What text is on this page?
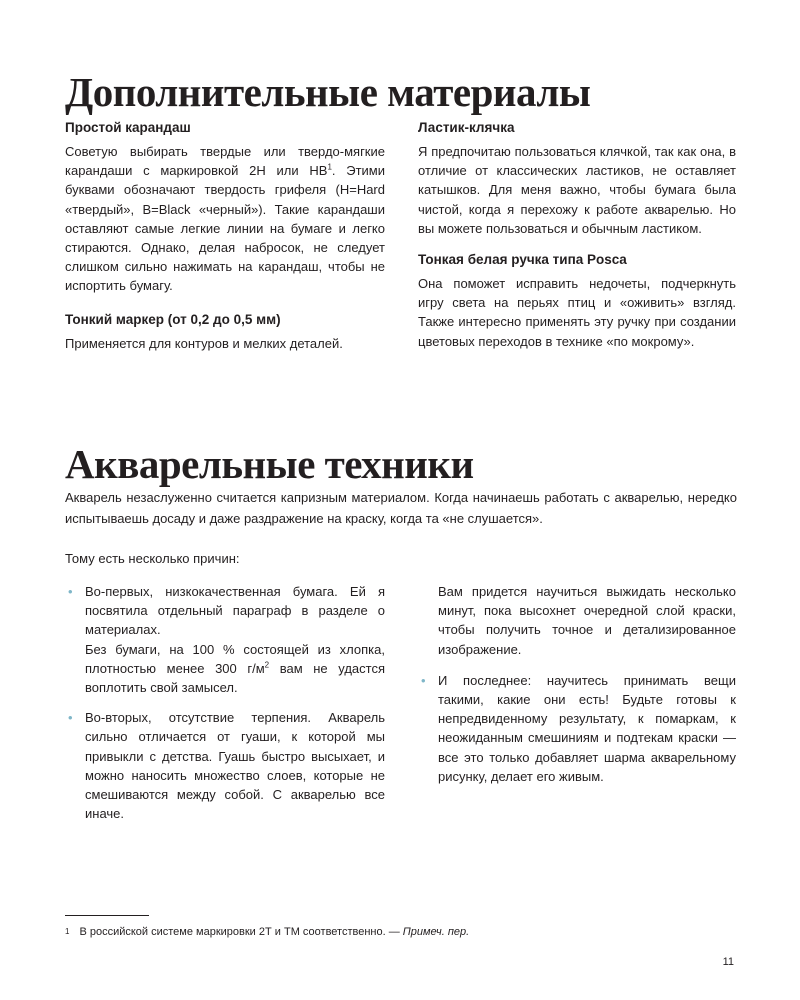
Дополнительные материалы
Простой карандаш

Советую выбирать твердые или твердо-мягкие карандаши с маркировкой 2H или $HB^1$. Этими буквами обозначают твердость грифеля (H=Hard «твердый», B=Black «черный»). Такие карандаши оставляют самые легкие линии на бумаге и легко стираются. Однако, делая набросок, не следует слишком сильно нажимать на карандаш, чтобы не испортить бумагу.

Тонкий маркер (от 0,2 до 0,5 мм)

Применяется для контуров и мелких деталей.

Ластик-клячка

Я предпочитаю пользоваться клячкой, так как она, в отличие от классических ластиков, не оставляет катышков. Для меня важно, чтобы бумага была чистой, когда я перехожу к работе акварелью. Но вы можете пользоваться и обычным ластиком.

Тонкая белая ручка типа Posca

Она поможет исправить недочеты, подчеркнуть игру света на перьях птиц и «оживить» взгляд. Также интересно применять эту ручку при создании цветовых переходов в технике «по мокрому».

Акварельные техники

Акварель незаслуженно считается капризным материалом. Когда начинаешь работать с акварелью, нередко испытываешь досаду и даже раздражение на краску, когда та «не слушается».

Тому есть несколько причин:

• Во-первых, низкокачественная бумага. Ей я посвятила отдельный параграф в разделе о материалах.
Без бумаги, на 100 % состоящей из хлопка, плотностью менее 300 $г/м^2$ вам не удастся воплотить свой замысел.
• Во-вторых, отсутствие терпения. Акварель сильно отличается от гуаши, к которой мы привыкли с детства. Гуашь быстро высыхает, и можно наносить множество слоев, которые не смешиваются между собой. С акварелью все иначе.

Вам придется научиться выжидать несколько минут, пока высохнет очередной слой краски, чтобы получить точное и детализированное изображение.

• И последнее: научитесь принимать вещи такими, какие они есть! Будьте готовы к непредвиденному результату, к помаркам, к неожиданным смешиниям и подтекам краски — все это только добавляет шарма акварельному рисунку, делает его живым.
$^1$ В российской системе маркировки 2Т и ТМ соответственно. — Примеч. пер.
11
